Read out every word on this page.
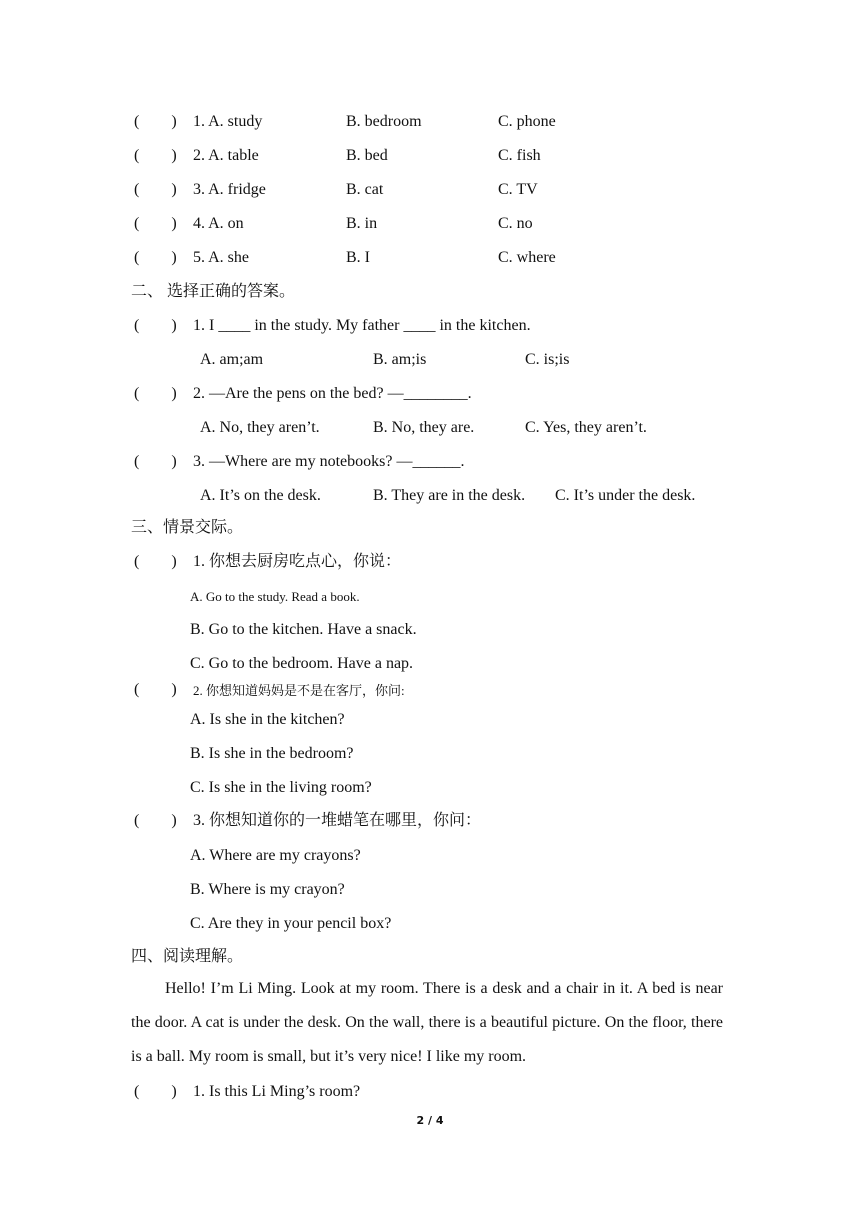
(　　) 1. A. study	B. bedroom	C. phone
(　　) 2. A. table	B. bed	C. fish
(　　) 3. A. fridge	B. cat	C. TV
(　　) 4. A. on	B. in	C. no
(　　) 5. A. she	B. I	C. where
二、 选择正确的答案。
(　　) 1. I ____ in the study. My father ____ in the kitchen.
A. am;am	B. am;is	C. is;is
(　　) 2. —Are the pens on the bed? —________.
A. No, they aren’t.	B. No, they are.	C. Yes, they aren’t.
(　　) 3. —Where are my notebooks? —______.
A. It’s on the desk.	B. They are in the desk. C. It’s under the desk.
三、情景交际。
(　　) 1. 你想去厨房吃点心，你说：
A. Go to the study. Read a book.
B. Go to the kitchen. Have a snack.
C. Go to the bedroom. Have a nap.
(　　) 2. 你想知道妈妈是不是在客厅，你问:
A. Is she in the kitchen?
B. Is she in the bedroom?
C. Is she in the living room?
(　　) 3. 你想知道你的一堆蜡笔在哪里，你问：
A. Where are my crayons?
B. Where is my crayon?
C. Are they in your pencil box?
四、阅读理解。
Hello! I’m Li Ming. Look at my room. There is a desk and a chair in it. A bed is near the door. A cat is under the desk. On the wall, there is a beautiful picture. On the floor, there is a ball. My room is small, but it’s very nice! I like my room.
(　　) 1. Is this Li Ming’s room?
2 / 4
